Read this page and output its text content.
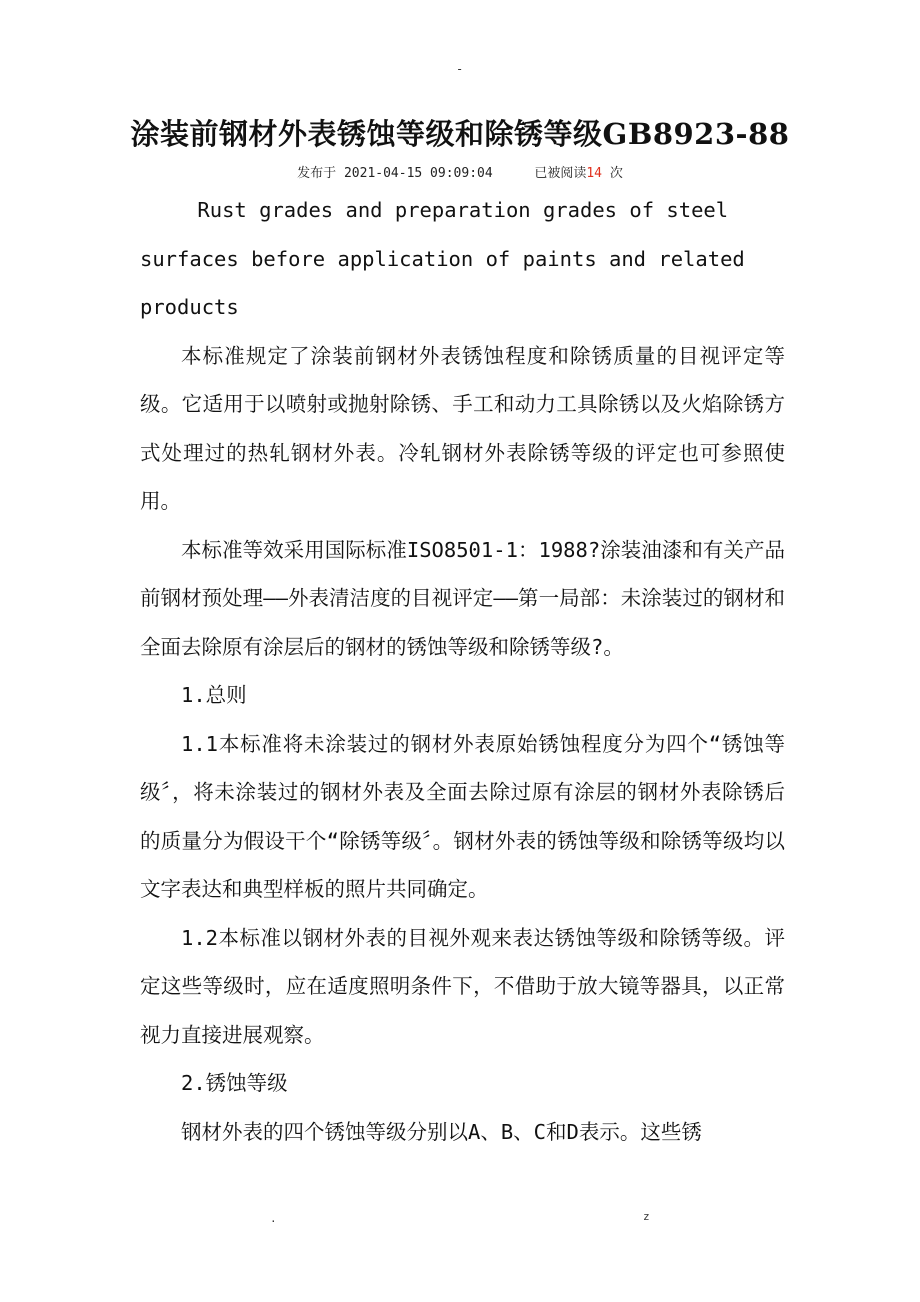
-
涂装前钢材外表锈蚀等级和除锈等级GB8923-88
发布于 2021-04-15 09:09:04	已被阅读14 次

Rust grades and preparation grades of steel surfaces before application of paints and related products

本标准规定了涂装前钢材外表锈蚀程度和除锈质量的目视评定等级。它适用于以喷射或抛射除锈、手工和动力工具除锈以及火焰除锈方式处理过的热轧钢材外表。冷轧钢材外表除锈等级的评定也可参照使用。

本标准等效采用国际标准ISO8501-1：1988?涂装油漆和有关产品前钢材预处理——外表清洁度的目视评定——第一局部：未涂装过的钢材和全面去除原有涂层后的钢材的锈蚀等级和除锈等级?。

1.总则

1.1本标准将未涂装过的钢材外表原始锈蚀程度分为四个“锈蚀等级〞，将未涂装过的钢材外表及全面去除过原有涂层的钢材外表除锈后的质量分为假设干个“除锈等级〞。钢材外表的锈蚀等级和除锈等级均以文字表达和典型样板的照片共同确定。

1.2本标准以钢材外表的目视外观来表达锈蚀等级和除锈等级。评定这些等级时，应在适度照明条件下，不借助于放大镜等器具，以正常视力直接进展观察。

2.锈蚀等级

钢材外表的四个锈蚀等级分别以A、B、C和D表示。这些锈

.	z
